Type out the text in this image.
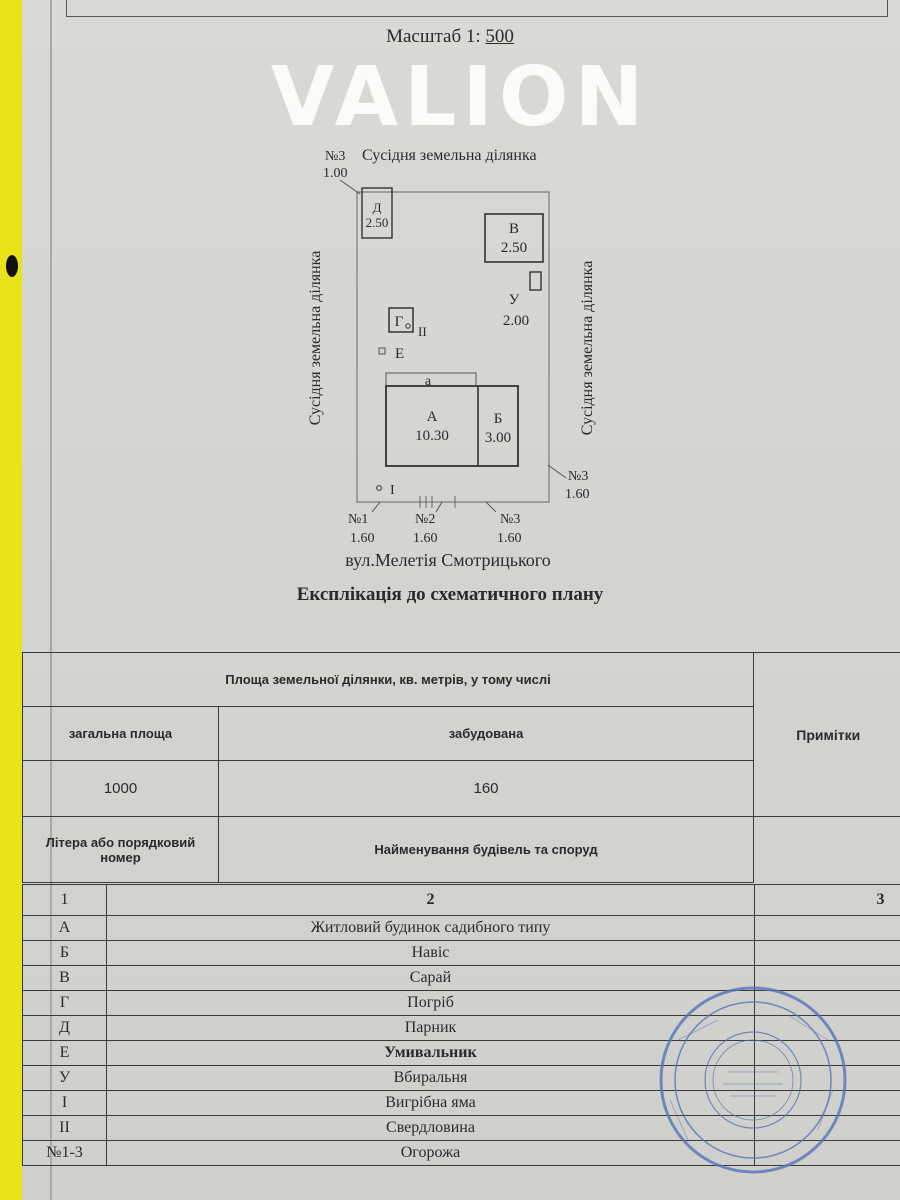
Масштаб 1: 500
Сусідня земельна ділянка
Сусідня земельна ділянка	Сусідня земельна ділянка
№3
1.00
№3
1.60
№1
1.60
№2
1.60
№3
1.60
вул.Мелетія Смотрицького
Д
2.50	В
2.50
У
2.00
Г
II
Е
а
А
10.30
Б
3.00
I
VALION
Експлікація до схематичного плану
Площа земельної ділянки, кв. метрів, у тому числі		Примітки
загальна площа	забудована	
1000	160	
Літера або порядковий номер	Найменування будівель та споруд	
1	2	3
А	Житловий будинок садибного типу	
Б	Навіс	
В	Сарай	
Г	Погріб	
Д	Парник	
Е	Умивальник	
У	Вбиральня	
І	Вигрібна яма	
ІІ	Свердловина	
№1-3	Огорожа	
